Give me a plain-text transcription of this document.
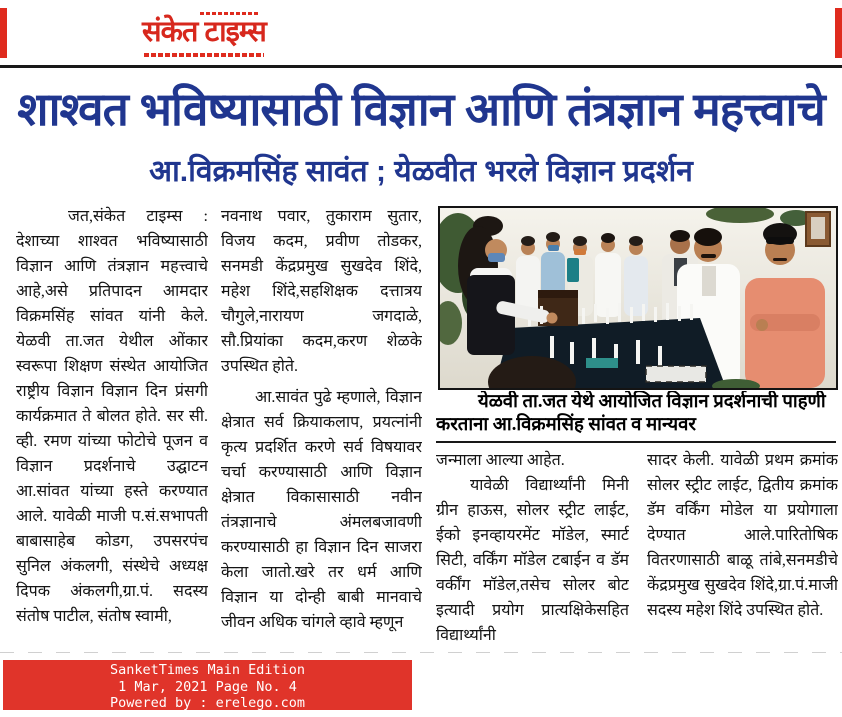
संकेत टाइम्स
शाश्वत भविष्यासाठी विज्ञान आणि तंत्रज्ञान महत्त्वाचे
आ.विक्रमसिंह सावंत ; येळवीत भरले विज्ञान प्रदर्शन

जत,संकेत टाइम्स : देशाच्या शाश्वत भविष्यासाठी विज्ञान आणि तंत्रज्ञान महत्त्वाचे आहे,असे प्रतिपादन आमदार विक्रमसिंह सांवत यांनी केले. येळवी ता.जत येथील ओंकार स्वरूपा शिक्षण संस्थेत आयोजित राष्ट्रीय विज्ञान विज्ञान दिन प्रंसगी कार्यक्रमात ते बोलत होते. सर सी. व्ही. रमण यांच्या फोटोचे पूजन व विज्ञान प्रदर्शनाचे उद्घाटन आ.सांवत यांच्या हस्ते करण्यात आले. यावेळी माजी प.सं.सभापती बाबासाहेब कोडग, उपसरपंच सुनिल अंकलगी, संस्थेचे अध्यक्ष दिपक अंकलगी,ग्रा.पं. सदस्य संतोष पाटील, संतोष स्वामी,

नवनाथ पवार, तुकाराम सुतार, विजय कदम, प्रवीण तोडकर, सनमडी केंद्रप्रमुख सुखदेव शिंदे, महेश शिंदे,सहशिक्षक दत्तात्रय चौगुले,नारायण जगदाळे, सौ.प्रियांका कदम,करण शेळके उपस्थित होते.

आ.सावंत पुढे म्हणाले, विज्ञान क्षेत्रात सर्व क्रियाकलाप, प्रयत्नांनी कृत्य प्रदर्शित करणे सर्व विषयावर चर्चा करण्यासाठी आणि विज्ञान क्षेत्रात विकासासाठी नवीन तंत्रज्ञानाचे अंमलबजावणी करण्यासाठी हा विज्ञान दिन साजरा केला जातो.खरे तर धर्म आणि विज्ञान या दोन्ही बाबी मानवाचे जीवन अधिक चांगले व्हावे म्हणून

येळवी ता.जत येथे आयोजित विज्ञान प्रदर्शनाची पाहणी करताना आ.विक्रमसिंह सांवत व मान्यवर

जन्माला आल्या आहेत.

यावेळी विद्यार्थ्यांनी मिनी ग्रीन हाऊस, सोलर स्ट्रीट लाईट, ईको इनव्हायरमेंट मॉडेल, स्मार्ट सिटी, वर्किंग मॉडेल टबाईन व डॅम वर्कींग मॉडेल,तसेच सोलर बोट इत्यादी प्रयोग प्रात्यक्षिकेसहित विद्यार्थ्यांनी

सादर केली. यावेळी प्रथम क्रमांक सोलर स्ट्रीट लाईट, द्वितीय क्रमांक डॅम वर्किंग मोडेल या प्रयोगाला देण्यात आले.पारितोषिक वितरणासाठी बाळू तांबे,सनमडीचे केंद्रप्रमुख सुखदेव शिंदे,ग्रा.पं.माजी सदस्य महेश शिंदे उपस्थित होते.

SanketTimes Main Edition
1 Mar, 2021 Page No. 4
Powered by : erelego.com
